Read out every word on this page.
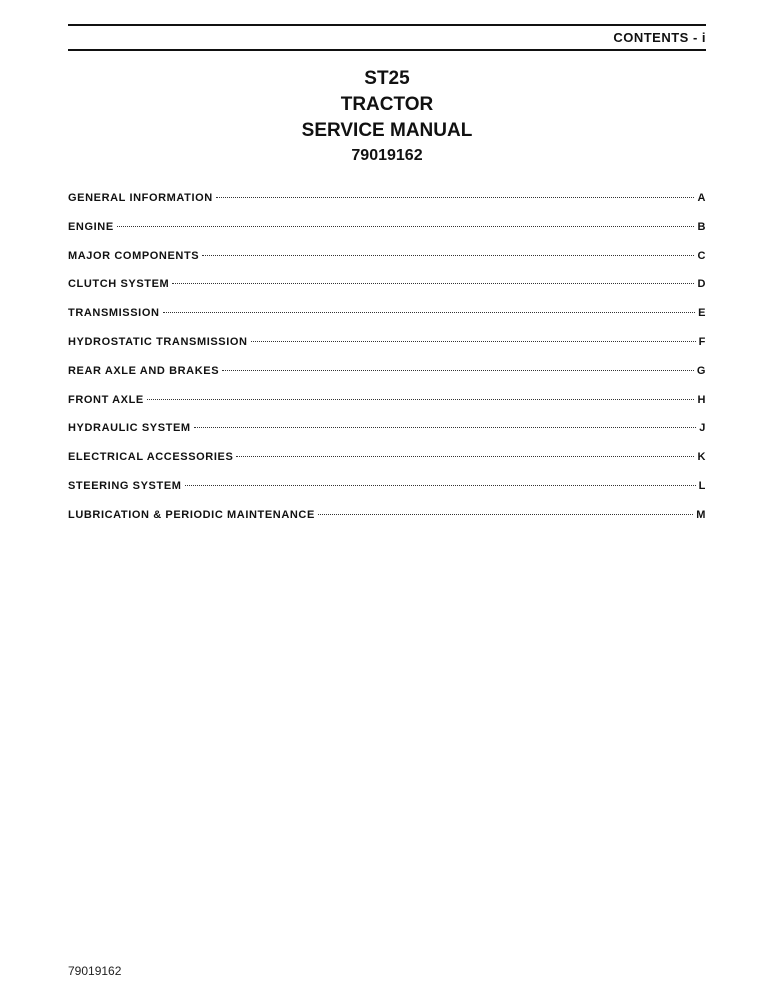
CONTENTS - i
ST25
TRACTOR
SERVICE MANUAL
79019162
GENERAL INFORMATION	A
ENGINE	B
MAJOR COMPONENTS	C
CLUTCH SYSTEM	D
TRANSMISSION	E
HYDROSTATIC TRANSMISSION	F
REAR AXLE AND BRAKES	G
FRONT AXLE	H
HYDRAULIC SYSTEM	J
ELECTRICAL ACCESSORIES	K
STEERING SYSTEM	L
LUBRICATION & PERIODIC MAINTENANCE	M
79019162
